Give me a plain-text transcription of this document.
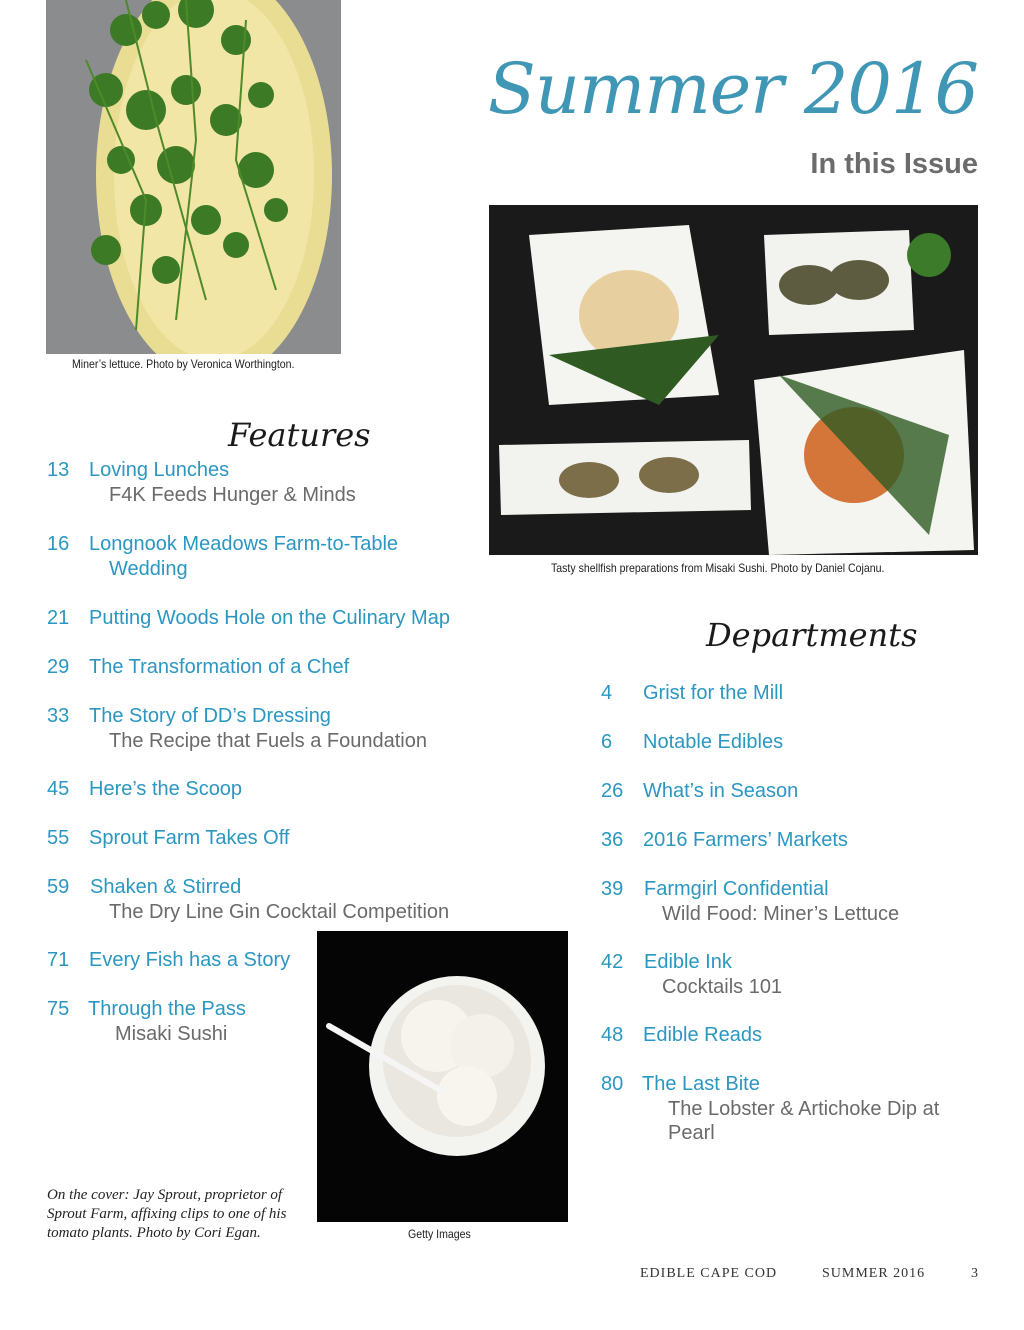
Miner’s lettuce. Photo by Veronica Worthington.
Summer 2016
In this Issue
Tasty shellfish preparations from Misaki Sushi. Photo by Daniel Cojanu.
Features
13 Loving Lunches
F4K Feeds Hunger & Minds
16 Longnook Meadows Farm-to-Table
Wedding
21 Putting Woods Hole on the Culinary Map
29 The Transformation of a Chef
33 The Story of DD’s Dressing
The Recipe that Fuels a Foundation
45 Here’s the Scoop
55 Sprout Farm Takes Off
59 Shaken & Stirred
The Dry Line Gin Cocktail Competition
71 Every Fish has a Story
75 Through the Pass
Misaki Sushi
Getty Images
Departments
4 Grist for the Mill
6 Notable Edibles
26 What’s in Season
36 2016 Farmers’ Markets
39 Farmgirl Confidential
Wild Food: Miner’s Lettuce
42 Edible Ink
Cocktails 101
48 Edible Reads
80 The Last Bite
The Lobster & Artichoke Dip at
Pearl
On the cover: Jay Sprout, proprietor of
Sprout Farm, affixing clips to one of his
tomato plants. Photo by Cori Egan.
EDIBLE CAPE COD	SUMMER 2016	3
